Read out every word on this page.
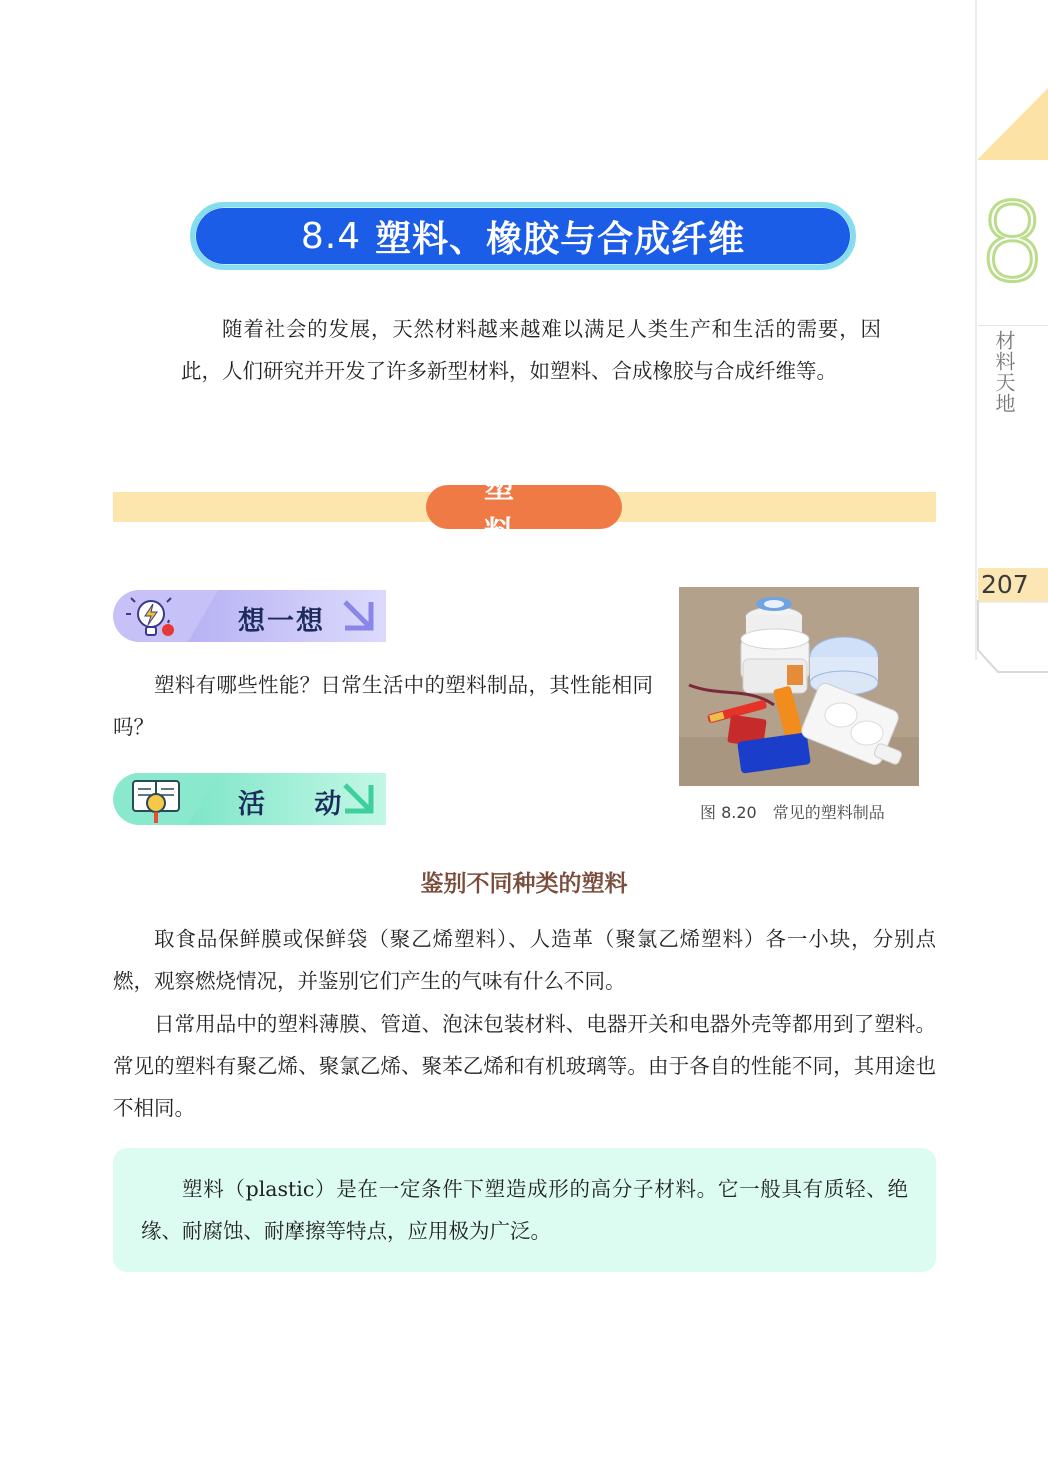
8
材料天地
207
8.4 塑料、橡胶与合成纤维
随着社会的发展，天然材料越来越难以满足人类生产和生活的需要，因此，人们研究并开发了许多新型材料，如塑料、合成橡胶与合成纤维等。
塑料
想一想
塑料有哪些性能？日常生活中的塑料制品，其性能相同吗？
活 动	图 8.20 常见的塑料制品
鉴别不同种类的塑料
取食品保鲜膜或保鲜袋（聚乙烯塑料）、人造革（聚氯乙烯塑料）各一小块，分别点燃，观察燃烧情况，并鉴别它们产生的气味有什么不同。
日常用品中的塑料薄膜、管道、泡沫包装材料、电器开关和电器外壳等都用到了塑料。常见的塑料有聚乙烯、聚氯乙烯、聚苯乙烯和有机玻璃等。由于各自的性能不同，其用途也不相同。
塑料（plastic）是在一定条件下塑造成形的高分子材料。它一般具有质轻、绝缘、耐腐蚀、耐摩擦等特点，应用极为广泛。
